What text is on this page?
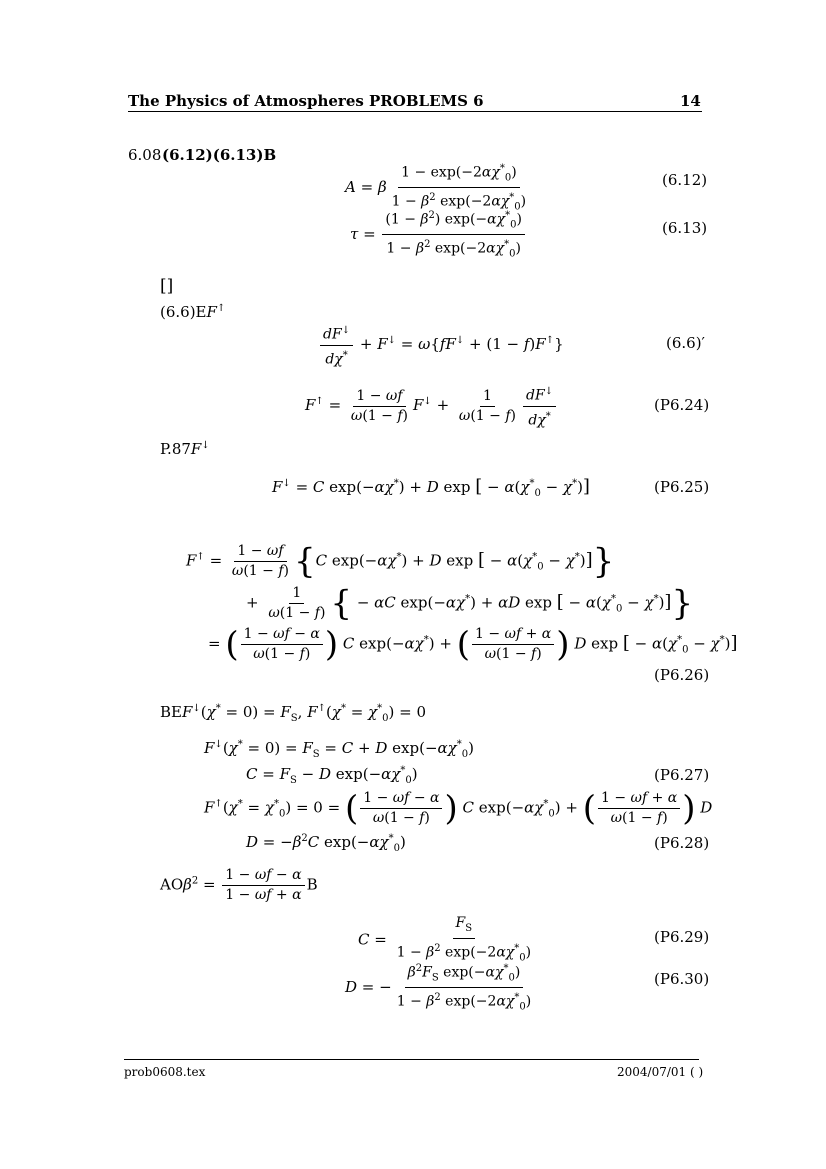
The Physics of Atmospheres PROBLEMS 6	14
6.08 (6.12)(6.13)B
A = β $\frac{1 - \exp(-2\alpha\chi^*_0)}{1 - \beta^2 \exp(-2\alpha\chi^*_0)}$	(6.12)
$\tau = \frac{(1 - \beta^2) \exp(-\alpha\chi^*_0)}{1 - \beta^2 \exp(-2\alpha\chi^*_0)}$	(6.13)
[]
(6.6)EF↑
$\frac{dF^↓}{d\chi^*} + F^↓ = \omega\{fF^↓ + (1 - f)F^↑\}$	(6.6)′
$F^↑ = \frac{1 - \omega f}{\omega(1 - f)} F^↓ + \frac{1}{\omega(1 - f)} \frac{dF^↓}{d\chi^*}$	(P6.24)
P.87F↓
F↓ = C exp(−αχ*) + D exp [ − $\alpha(\chi^*_0 - \chi^*)$]	(P6.25)
$F^↑ = \frac{1 - \omega f}{\omega(1 - f)} \{C$ exp(−αχ*) + D exp [ − $\alpha(\chi^*_0 - \chi^*)$]}
+ $\frac{1}{\omega(1 - f)}$ { − αC exp(−αχ*) + αD exp [ − $\alpha(\chi^*_0 - \chi^*)$]}
= ( $\frac{1 - \omega f - \alpha}{\omega(1 - f)}$ ) C exp(−αχ*) + ( $\frac{1 - \omega f + \alpha}{\omega(1 - f)}$ ) D exp [ − $\alpha(\chi^*_0 - \chi^*)$]
(P6.26)
$BEF^↓(\chi^* = 0) = F_S$, $F^↑(\chi^* = \chi^*_0) = 0$
$F^↓(\chi^* = 0) = F_S = C + D$ $\exp(-\alpha\chi^*_0)$
$C = F_S - D$ $\exp(-\alpha\chi^*_0)$	(P6.27)
$F^↑(\chi^* = \chi^*_0) = 0$ = ( $\frac{1 - \omega f - \alpha}{\omega(1 - f)}$ ) C $\exp(-\alpha\chi^*_0)$ + ( $\frac{1 - \omega f + \alpha}{\omega(1 - f)}$ ) D
$D = -\beta^2C$ $\exp(-\alpha\chi^*_0)$	(P6.28)
$AO\beta^2 = \frac{1 - \omega f - \alpha}{1 - \omega f + \alpha}$ B
$C = \frac{F_S}{1 - \beta^2 \exp(-2\alpha\chi^*_0)}$	(P6.29)
D = − $\frac{\beta^2F_S \exp(-\alpha\chi^*_0)}{1 - \beta^2 \exp(-2\alpha\chi^*_0)}$	(P6.30)
prob0608.tex	2004/07/01 ( )
